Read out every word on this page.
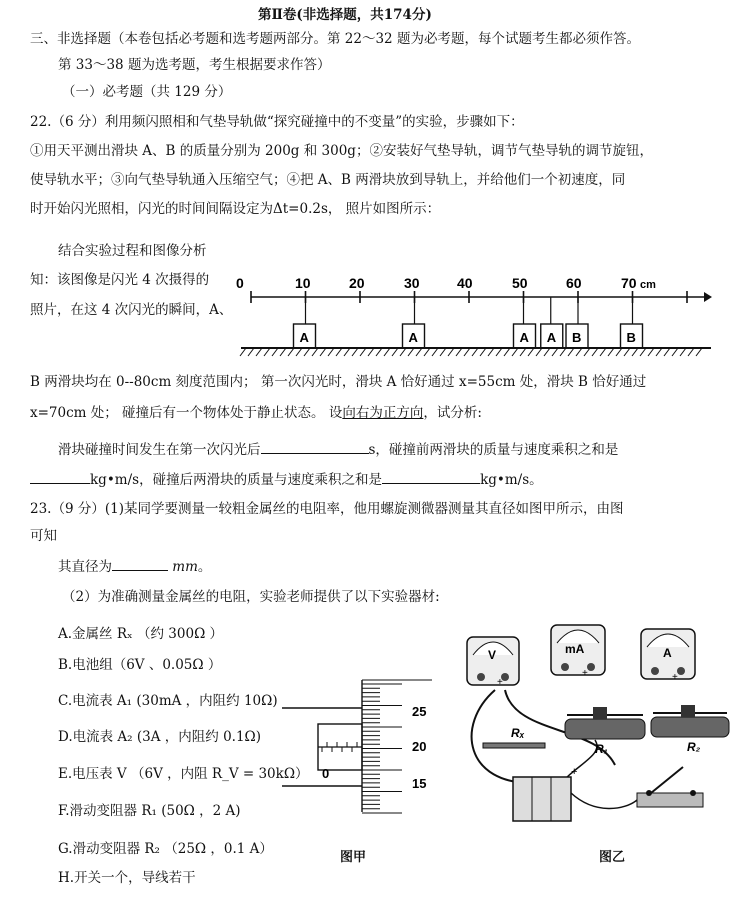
第Ⅱ卷(非选择题，共174分)
三、非选择题（本卷包括必考题和选考题两部分。第 22～32 题为必考题，每个试题考生都必须作答。
第 33～38 题为选考题，考生根据要求作答）
（一）必考题（共 129 分）
22.（6 分）利用频闪照相和气垫导轨做“探究碰撞中的不变量”的实验，步骤如下：
①用天平测出滑块 A、B 的质量分别为 200g 和 300g；②安装好气垫导轨，调节气垫导轨的调节旋钮，
使导轨水平；③向气垫导轨通入压缩空气；④把 A、B 两滑块放到导轨上，并给他们一个初速度，同
时开始闪光照相，闪光的时间间隔设定为Δt=0.2s， 照片如图所示：
结合实验过程和图像分析
知：该图像是闪光 4 次摄得的
照片，在这 4 次闪光的瞬间，A、
0	10	20	30	40	50	60	70 cm
A	A	A A B	B
B 两滑块均在 0--80cm 刻度范围内； 第一次闪光时，滑块 A 恰好通过 x=55cm 处，滑块 B 恰好通过
x=70cm 处； 碰撞后有一个物体处于静止状态。 设向右为正方向，试分析:
滑块碰撞时间发生在第一次闪光后	s，碰撞前两滑块的质量与速度乘积之和是
kg•m/s，碰撞后两滑块的质量与速度乘积之和是	kg•m/s。
23.（9 分）(1)某同学要测量一较粗金属丝的电阻率，他用螺旋测微器测量其直径如图甲所示，由图
可知
其直径为	mm。
（2）为准确测量金属丝的电阻，实验老师提供了以下实验器材:
A.金属丝 Rₓ （约 300Ω ）
B.电池组（6V 、0.05Ω ）
C.电流表 A₁ (30mA ，内阻约 10Ω)
D.电流表 A₂ (3A ，内阻约 0.1Ω)
E.电压表 V （6V ，内阻 R_V = 30kΩ）
F.滑动变阻器 R₁ (50Ω ，2 A)
G.滑动变阻器 R₂ （25Ω ，0.1 A）
H.开关一个，导线若干
0
25
20
15
图甲
V
+
mA
+
A
+
Rₓ
R₁	R₂
+
图乙
